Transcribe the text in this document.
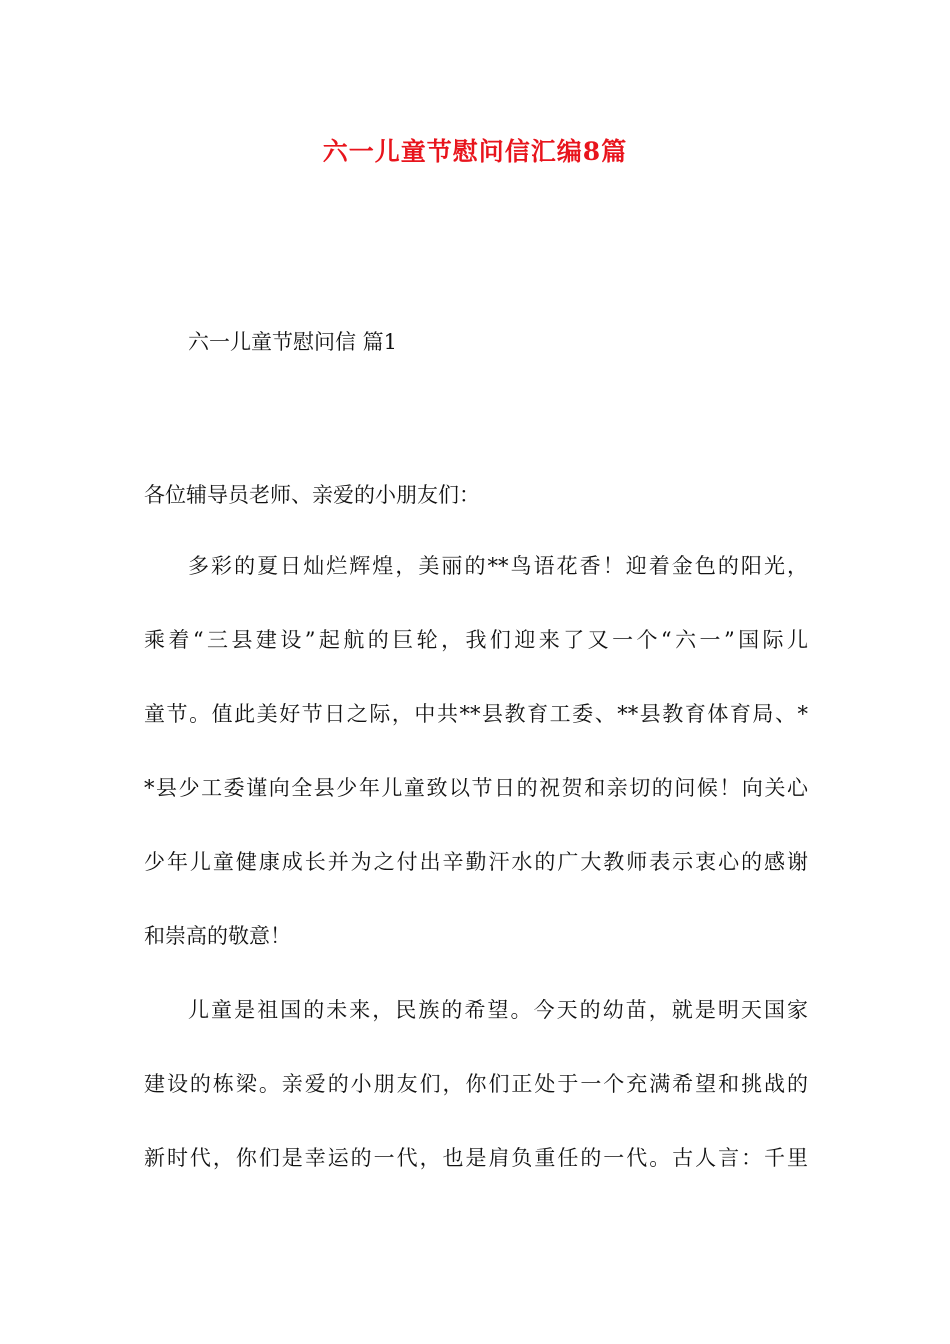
六一儿童节慰问信汇编8篇
六一儿童节慰问信 篇1

各位辅导员老师、亲爱的小朋友们：

多彩的夏日灿烂辉煌，美丽的**鸟语花香！迎着金色的阳光，

乘着“三县建设”起航的巨轮，我们迎来了又一个“六一”国际儿

童节。值此美好节日之际，中共**县教育工委、**县教育体育局、*

*县少工委谨向全县少年儿童致以节日的祝贺和亲切的问候！向关心

少年儿童健康成长并为之付出辛勤汗水的广大教师表示衷心的感谢

和崇高的敬意！

儿童是祖国的未来，民族的希望。今天的幼苗，就是明天国家

建设的栋梁。亲爱的小朋友们，你们正处于一个充满希望和挑战的

新时代，你们是幸运的一代，也是肩负重任的一代。古人言：千里
